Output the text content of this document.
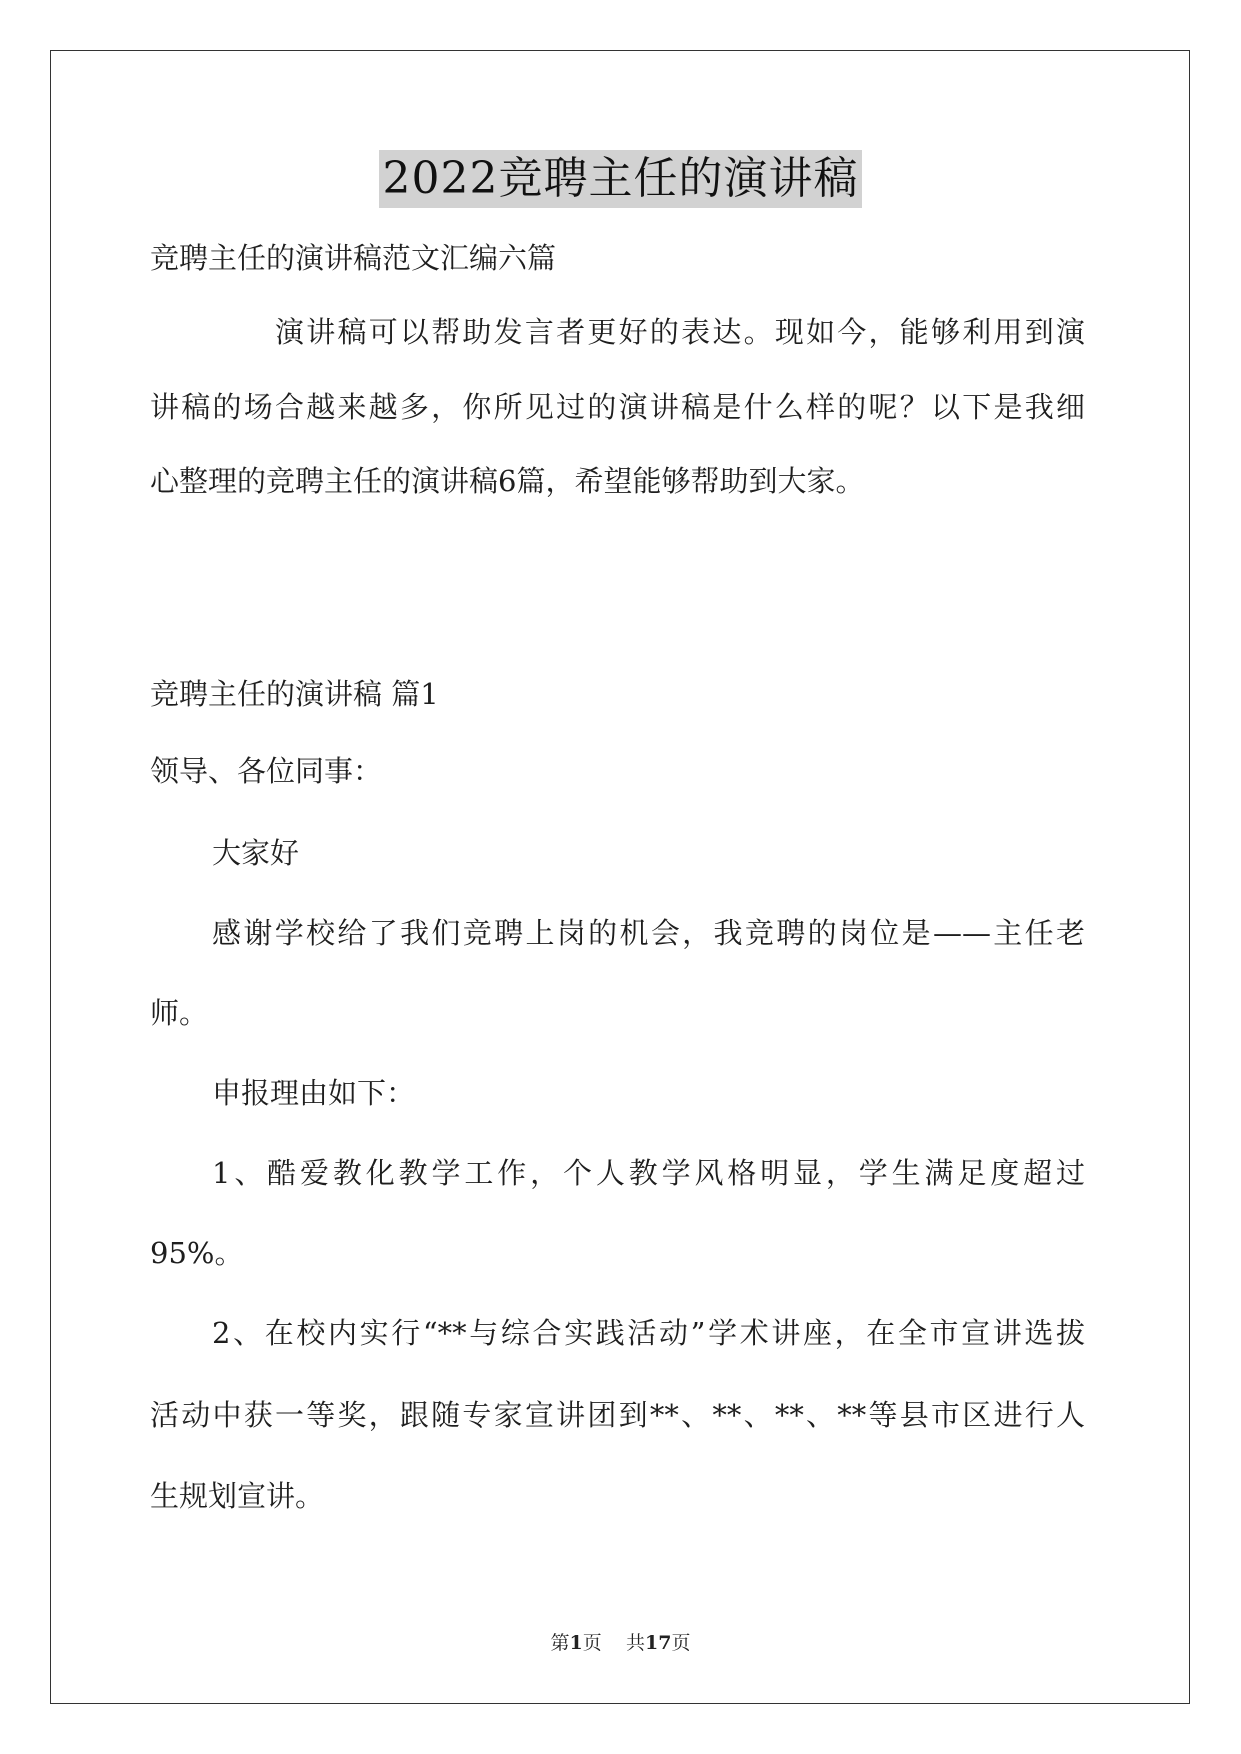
2022竞聘主任的演讲稿
竞聘主任的演讲稿范文汇编六篇
演讲稿可以帮助发言者更好的表达。现如今，能够利用到演
讲稿的场合越来越多，你所见过的演讲稿是什么样的呢？以下是我细
心整理的竞聘主任的演讲稿6篇，希望能够帮助到大家。
竞聘主任的演讲稿 篇1
领导、各位同事：
大家好
感谢学校给了我们竞聘上岗的机会，我竞聘的岗位是——主任老
师。
申报理由如下：
1、酷爱教化教学工作，个人教学风格明显，学生满足度超过
95%。
2、在校内实行“**与综合实践活动”学术讲座，在全市宣讲选拔
活动中获一等奖，跟随专家宣讲团到**、**、**、**等县市区进行人
生规划宣讲。
第1页 共17页
